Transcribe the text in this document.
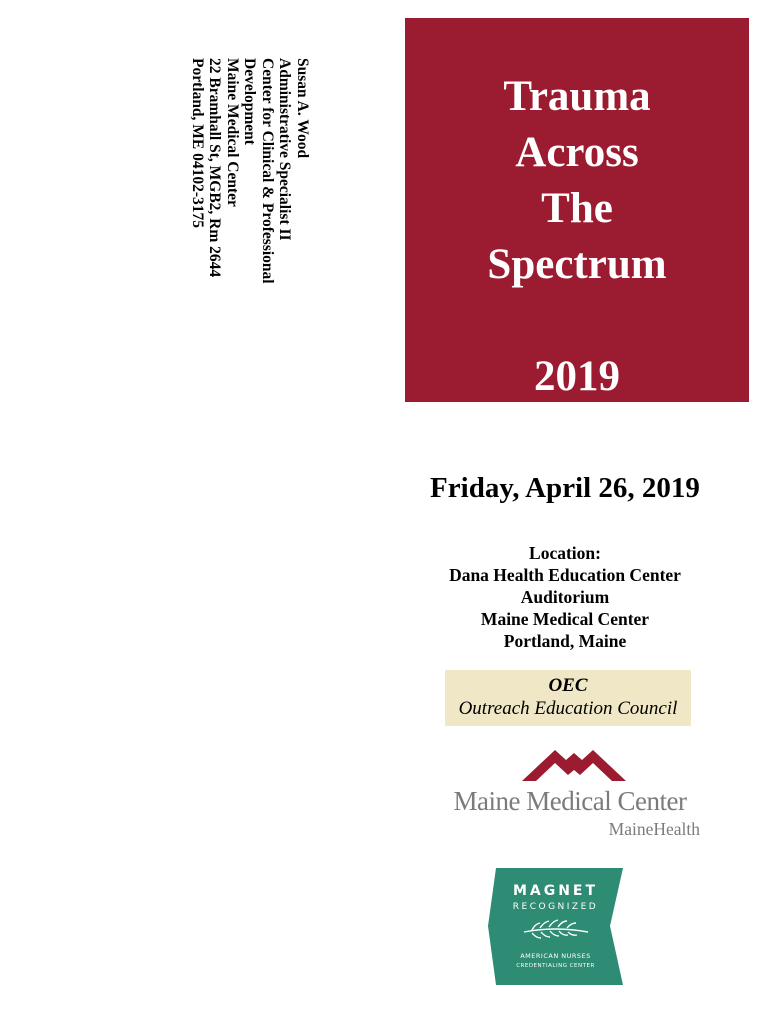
Susan A. Wood
Administrative Specialist II
Center for Clinical & Professional
Development
Maine Medical Center
22 Bramhall St, MGB2, Rm 2644
Portland, ME 04102-3175	Trauma
Across
The
Spectrum
2019
Friday, April 26, 2019
Location:
Dana Health Education Center
Auditorium
Maine Medical Center
Portland, Maine
OEC
Outreach Education Council
Maine Medical Center
MaineHealth
MAGNET
RECOGNIZED
AMERICAN NURSES
CREDENTIALING CENTER
